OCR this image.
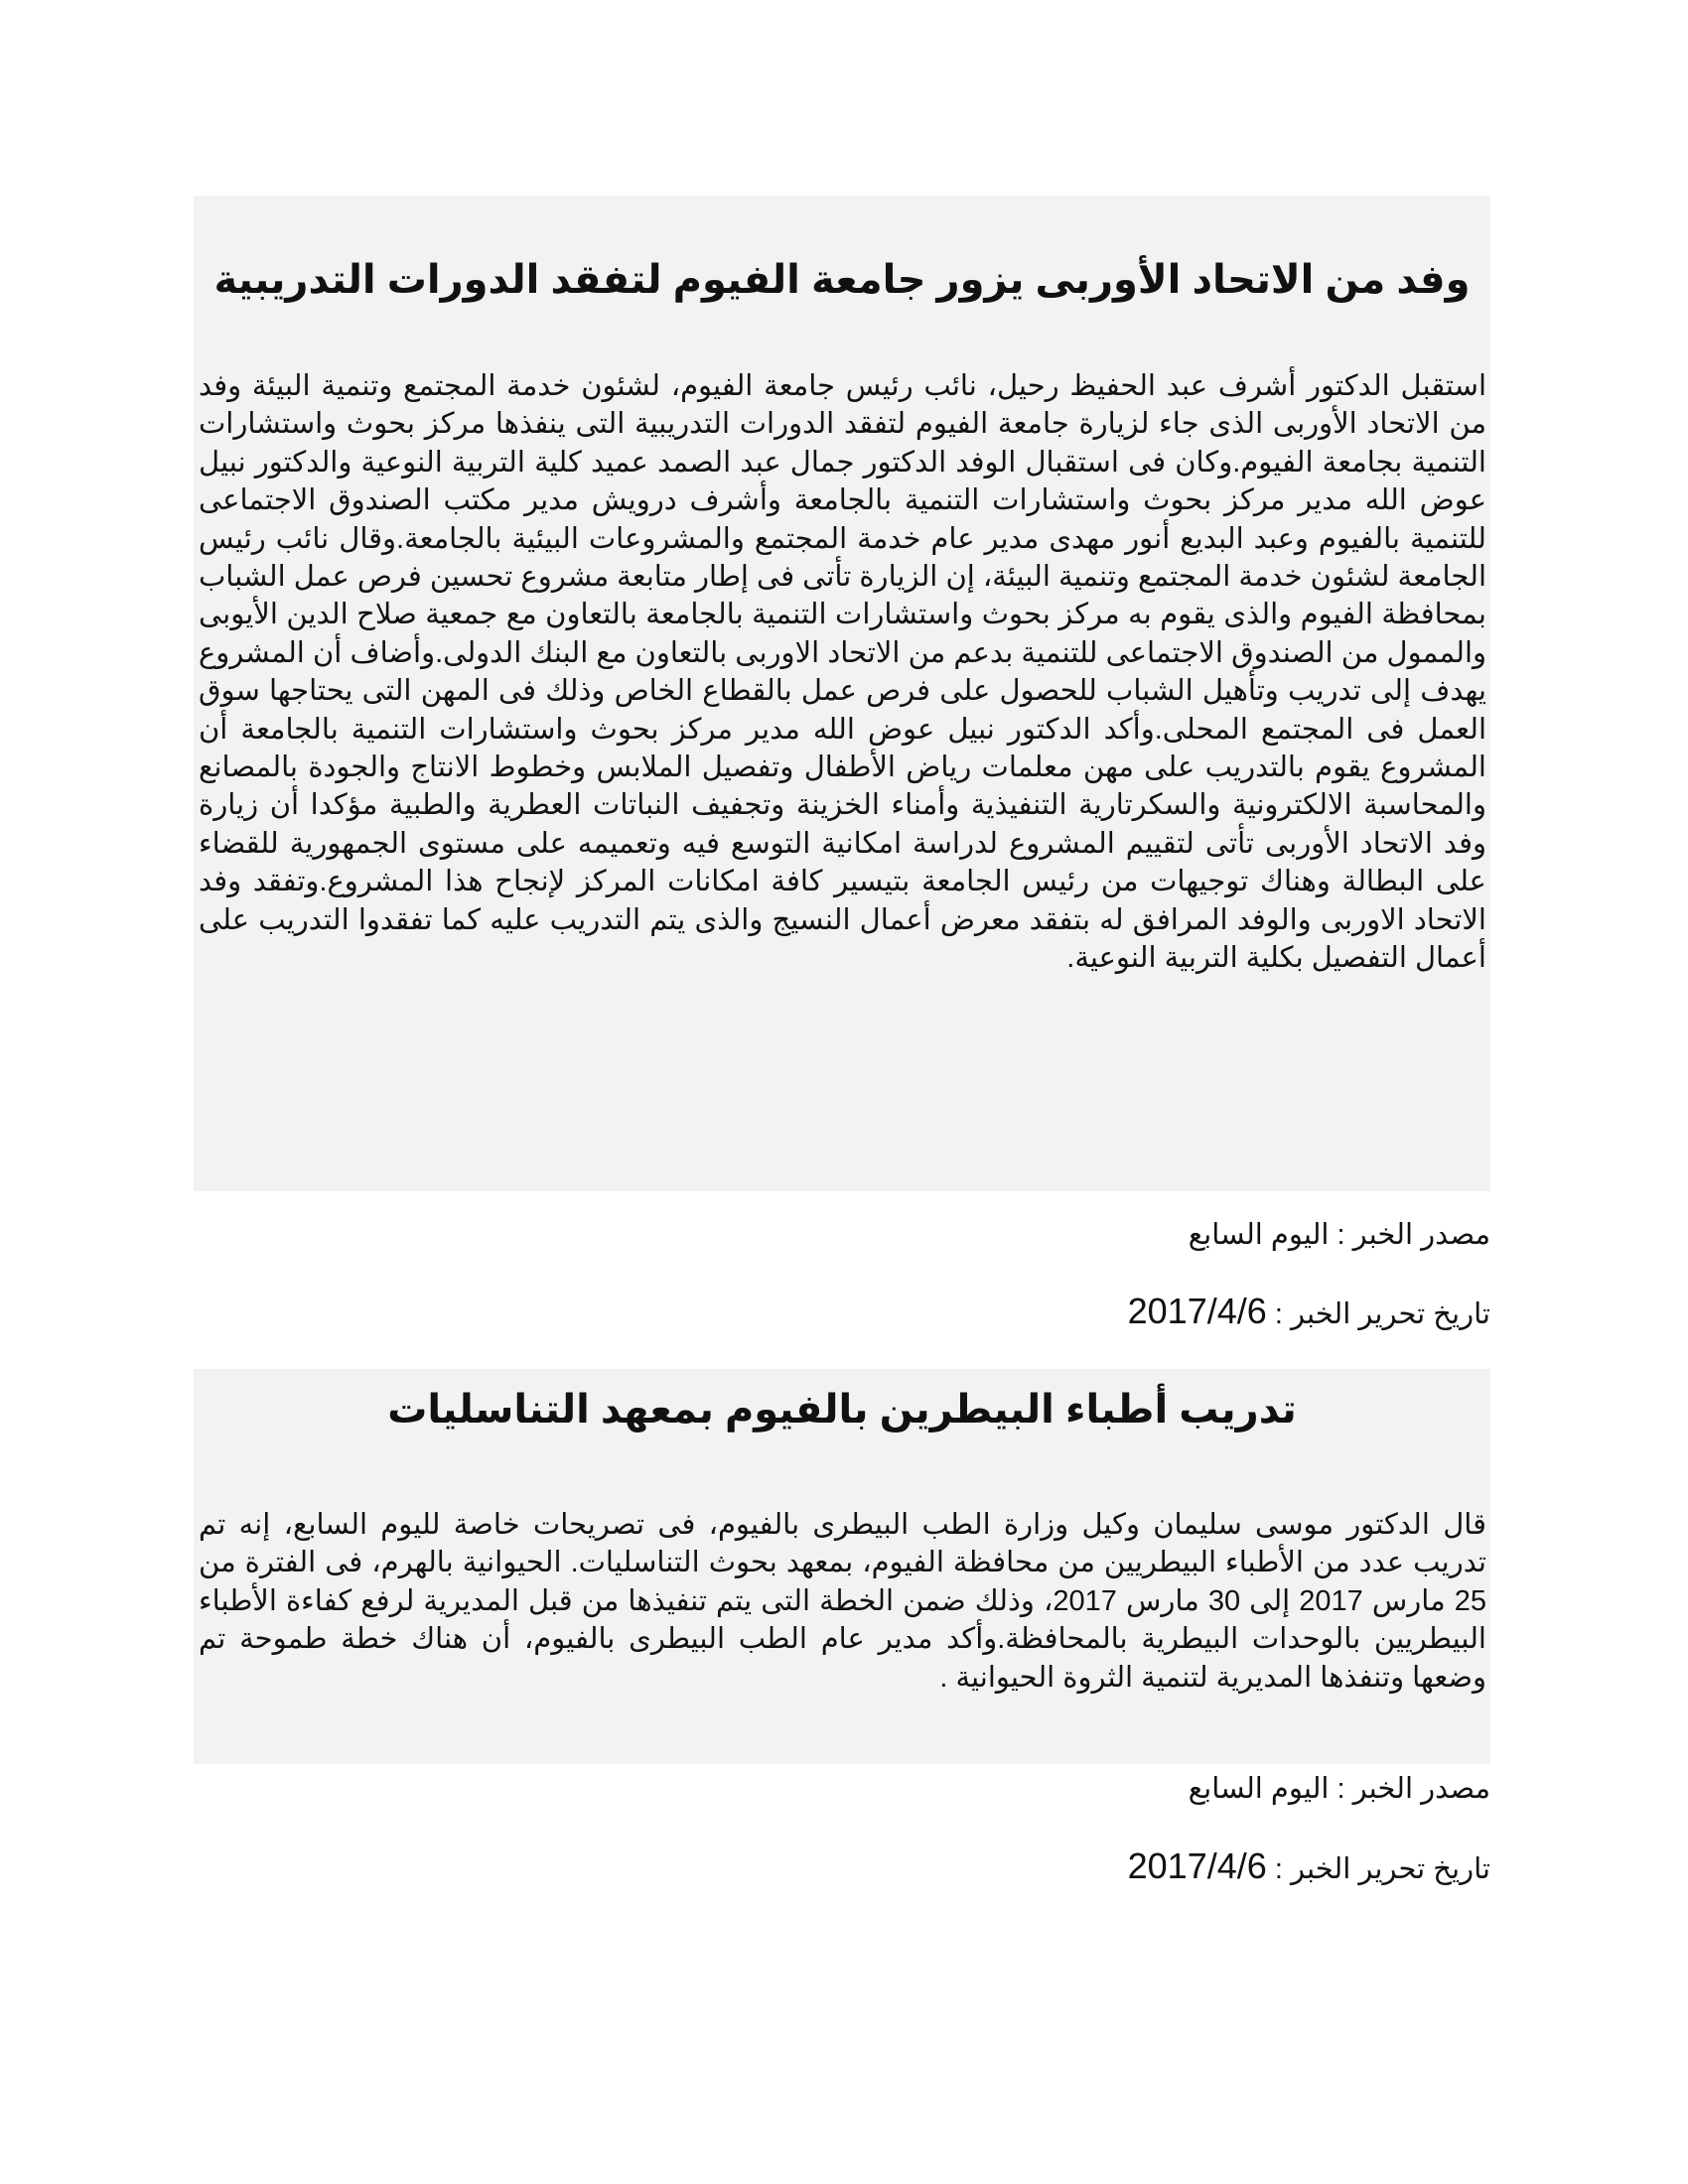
وفد من الاتحاد الأوربى يزور جامعة الفيوم لتفقد الدورات التدريبية

استقبل الدكتور أشرف عبد الحفيظ رحيل، نائب رئيس جامعة الفيوم، لشئون خدمة المجتمع وتنمية البيئة وفد من الاتحاد الأوربى الذى جاء لزيارة جامعة الفيوم لتفقد الدورات التدريبية التى ينفذها مركز بحوث واستشارات التنمية بجامعة الفيوم.وكان فى استقبال الوفد الدكتور جمال عبد الصمد عميد كلية التربية النوعية والدكتور نبيل عوض الله مدير مركز بحوث واستشارات التنمية بالجامعة وأشرف درويش مدير مكتب الصندوق الاجتماعى للتنمية بالفيوم وعبد البديع أنور مهدى مدير عام خدمة المجتمع والمشروعات البيئية بالجامعة.وقال نائب رئيس الجامعة لشئون خدمة المجتمع وتنمية البيئة، إن الزيارة تأتى فى إطار متابعة مشروع تحسين فرص عمل الشباب بمحافظة الفيوم والذى يقوم به مركز بحوث واستشارات التنمية بالجامعة بالتعاون مع جمعية صلاح الدين الأيوبى والممول من الصندوق الاجتماعى للتنمية بدعم من الاتحاد الاوربى بالتعاون مع البنك الدولى.وأضاف أن المشروع يهدف إلى تدريب وتأهيل الشباب للحصول على فرص عمل بالقطاع الخاص وذلك فى المهن التى يحتاجها سوق العمل فى المجتمع المحلى.وأكد الدكتور نبيل عوض الله مدير مركز بحوث واستشارات التنمية بالجامعة أن المشروع يقوم بالتدريب على مهن معلمات رياض الأطفال وتفصيل الملابس وخطوط الانتاج والجودة بالمصانع والمحاسبة الالكترونية والسكرتارية التنفيذية وأمناء الخزينة وتجفيف النباتات العطرية والطبية مؤكدا أن زيارة وفد الاتحاد الأوربى تأتى لتقييم المشروع لدراسة امكانية التوسع فيه وتعميمه على مستوى الجمهورية للقضاء على البطالة وهناك توجيهات من رئيس الجامعة بتيسير كافة امكانات المركز لإنجاح هذا المشروع.وتفقد وفد الاتحاد الاوربى والوفد المرافق له بتفقد معرض أعمال النسيج والذى يتم التدريب عليه كما تفقدوا التدريب على أعمال التفصيل بكلية التربية النوعية.

مصدر الخبر : اليوم السابع
تاريخ تحرير الخبر : 2017/4/6
تدريب أطباء البيطرين بالفيوم بمعهد التناسليات

قال الدكتور موسى سليمان وكيل وزارة الطب البيطرى بالفيوم، فى تصريحات خاصة لليوم السابع، إنه تم تدريب عدد من الأطباء البيطريين من محافظة الفيوم، بمعهد بحوث التناسليات. الحيوانية بالهرم، فى الفترة من 25 مارس 2017 إلى 30 مارس 2017، وذلك ضمن الخطة التى يتم تنفيذها من قبل المديرية لرفع كفاءة الأطباء البيطريين بالوحدات البيطرية بالمحافظة.وأكد مدير عام الطب البيطرى بالفيوم، أن هناك خطة طموحة تم وضعها وتنفذها المديرية لتنمية الثروة الحيوانية .

مصدر الخبر : اليوم السابع
تاريخ تحرير الخبر : 2017/4/6
